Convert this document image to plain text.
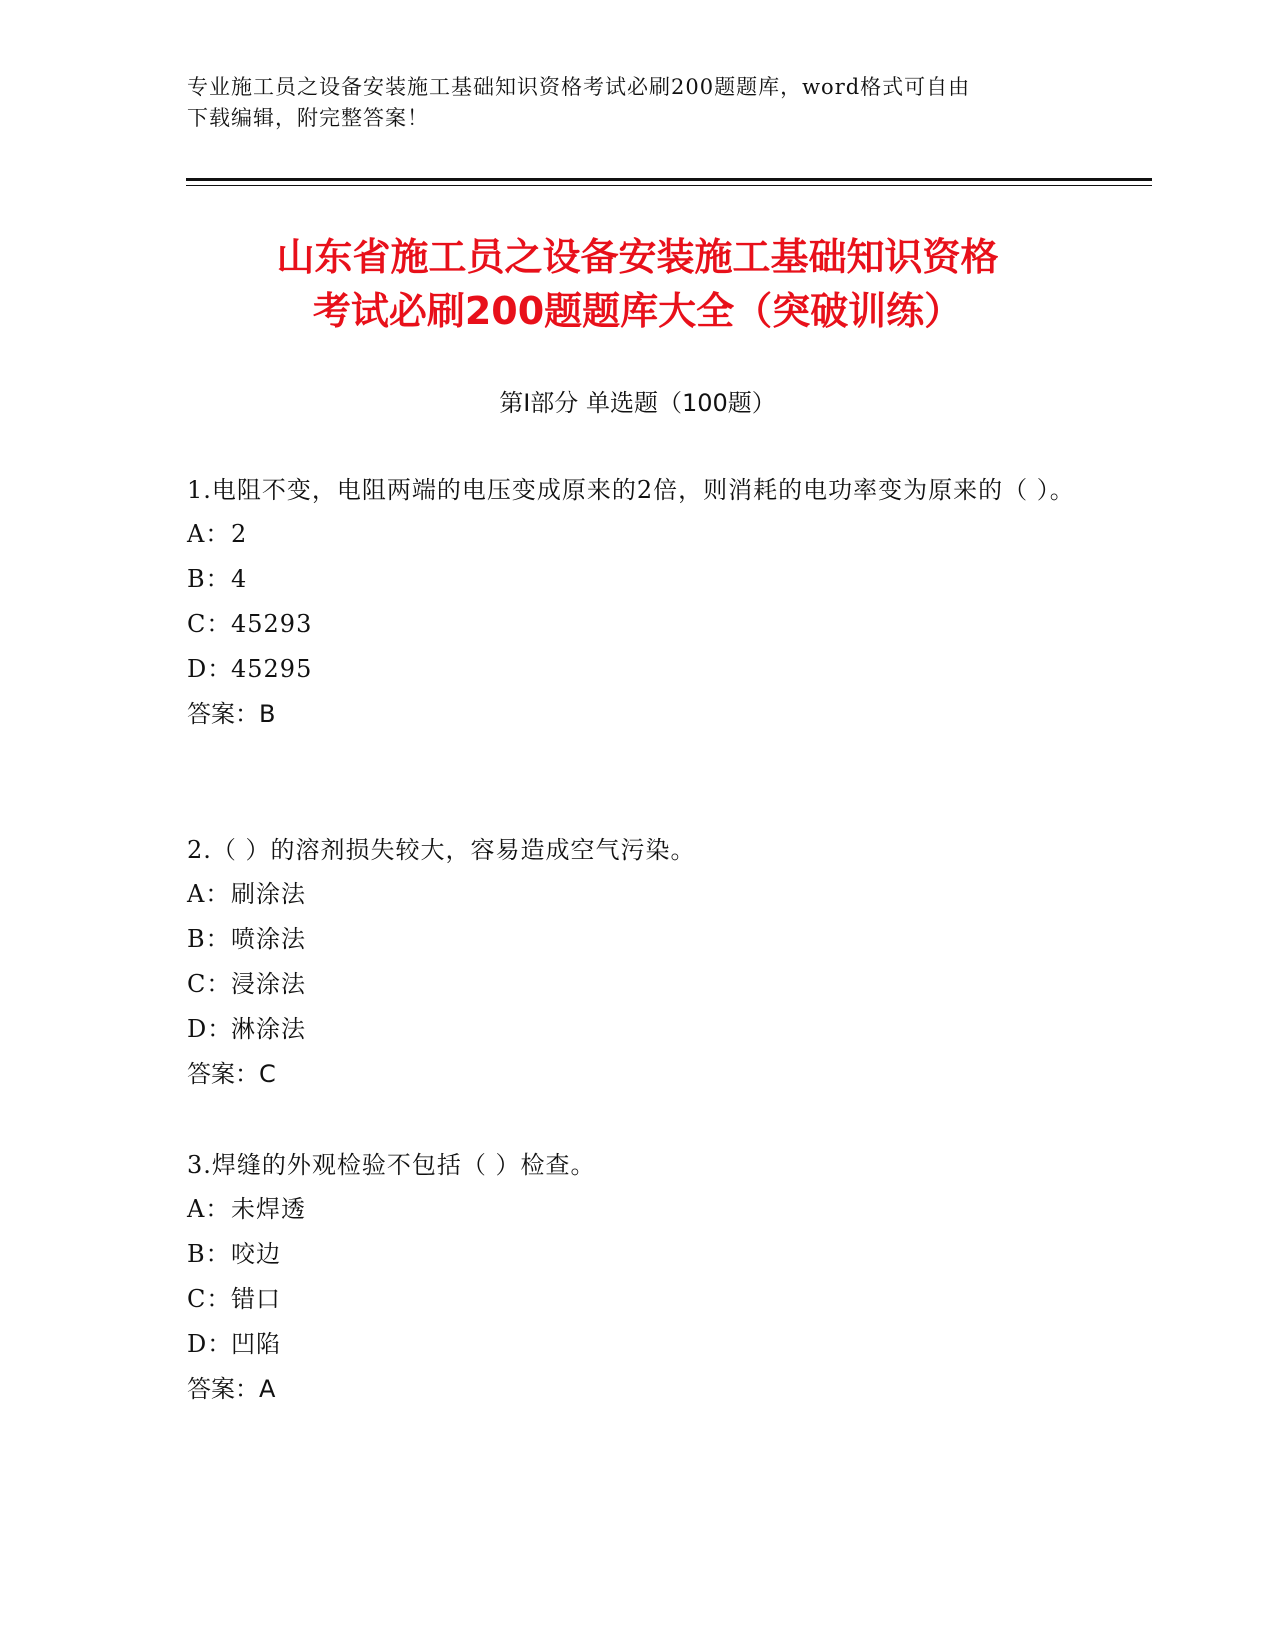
专业施工员之设备安装施工基础知识资格考试必刷200题题库，word格式可自由

下载编辑，附完整答案！

山东省施工员之设备安装施工基础知识资格

考试必刷200题题库大全（突破训练）

第Ⅰ部分 单选题（100题）

1.电阻不变，电阻两端的电压变成原来的2倍，则消耗的电功率变为原来的（ ）。

A：2

B：4

C：45293

D：45295

答案：B

2.（ ）的溶剂损失较大，容易造成空气污染。

A：刷涂法

B：喷涂法

C：浸涂法

D：淋涂法

答案：C

3.焊缝的外观检验不包括（ ）检查。

A：未焊透

B：咬边

C：错口

D：凹陷

答案：A
